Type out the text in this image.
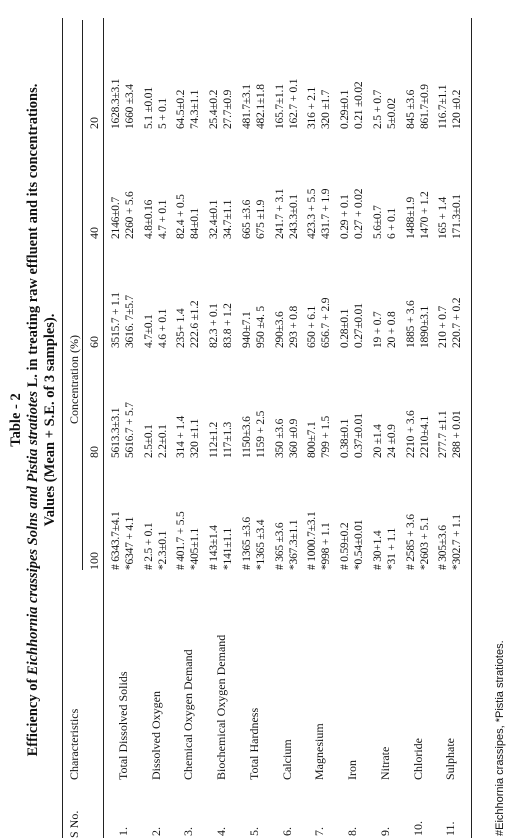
Table - 2
Efficiency of Eichhornia crassipes Solns and Pistia stratiotes L. in treating raw effluent and its concentrations.
Values (Mean + S.E. of 3 samples).
S No.
Characteristics
Concentration (%)
#Eichhornia crassipes, *Pistia stratiotes.
100
80
60
40
20
1.
Total Dissolved Solids
# 6343.7±4.1 *6347 + 4.1
5613.3±3.1 5616.7 + 5.7
3515.7 + 1.1 3616. 7±5.7
2146±0.7 2260 + 5.6
1628.3±3.1 1660 ±3.4
2.
Dissolved Oxygen
# 2.5 + 0.1 *2.3±0.1
2.5±0.1 2.2±0.1
4.7±0.1 4.6 + 0.1
4.8±0.16 4.7 + 0.1
5.1 ±0.01 5 + 0.1
3.
Chemical Oxygen Demand
# 401.7 + 5.5 *405±1.1
314 + 1.4 320 ±1.1
235+ 1.4 222.6 ±1.2
82.4 + 0.5 84±0.1
64.5±0.2 74.3±1.1
4.
Biochemical Oxygen Demand
# 143±1.4 *141±1.1
112±1.2 117±1.3
82.3 + 0.1 83.8 + 1.2
32.4±0.1 34.7±1.1
25.4±0.2 27.7±0.9
5.
Total Hardness
# 1365 ±3.6 *1365 ±3.4
1150±3.6 1159 + 2.5
940±7.1 950 ±4. 5
665 ±3.6 675 ±1.9
481.7±3.1 482.1±1.8
6.
Calcium
# 365 ±3.6 *367.3±1.1
350 ±3.6 360 ±0.9
290±3.6 293 + 0.8
241.7 + 3.1 243.3±0.1
165.7±1.1 162.7 + 0.1
7.
Magnesium
# 1000.7±3.1 *998 + 1.1
800±7.1 799 + 1.5
650 + 6.1 656.7 + 2.9
423.3 + 5.5 431.7 + 1.9
316 + 2.1 320 ±1.7
8.
Iron
# 0.59±0.2 *0.54±0.01
0.38±0.1 0.37±0.01
0.28±0.1 0.27±0.01
0.29 + 0.1 0.27 + 0.02
0.29±0.1 0.21 ±0.02
9.
Nitrate
# 30+1.4 *31 + 1.1
20 ±1.4 24 ±0.9
19 + 0.7 20 + 0.8
5.6±0.7 6 + 0.1
2.5 + 0.7 5±0.02
10.
Chloride
# 2585 + 3.6 *2603 + 5.1
2210 + 3.6 2210±4.1
1885 + 3.6 1890±3.1
1488±1.9 1470 + 1.2
845 ±3.6 861.7±0.9
11.
Sulphate
# 305±3.6 *302.7 + 1.1
277.7 ±1.1 288 + 0.01
210 + 0.7 220.7 + 0.2
165 + 1.4 171.3±0.1
116.7±1.1 120 ±0.2
